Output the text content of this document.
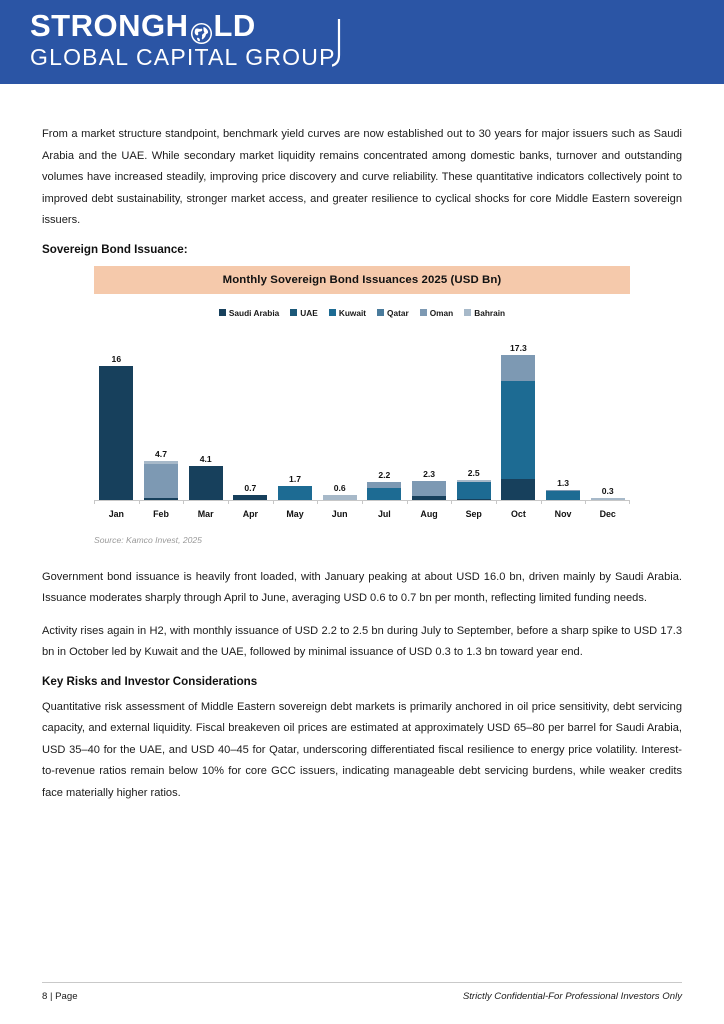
STRONGH LD
GLOBAL CAPITAL GROUP

From a market structure standpoint, benchmark yield curves are now established out to 30 years for major issuers such as Saudi Arabia and the UAE. While secondary market liquidity remains concentrated among domestic banks, turnover and outstanding volumes have increased steadily, improving price discovery and curve reliability. These quantitative indicators collectively point to improved debt sustainability, stronger market access, and greater resilience to cyclical shocks for core Middle Eastern sovereign issuers.

Sovereign Bond Issuance:
Monthly Sovereign Bond Issuances 2025 (USD Bn)
Saudi Arabia	UAE	Kuwait	Qatar	Oman	Bahrain
16
4.7
4.1
0.7
1.7
0.6
2.2	2.3	2.5
17.3
1.3
0.3
Jan	Feb	Mar	Apr	May	Jun	Jul	Aug	Sep	Oct	Nov	Dec
Source: Kamco Invest, 2025

Government bond issuance is heavily front loaded, with January peaking at about USD 16.0 bn, driven mainly by Saudi Arabia. Issuance moderates sharply through April to June, averaging USD 0.6 to 0.7 bn per month, reflecting limited funding needs.

Activity rises again in H2, with monthly issuance of USD 2.2 to 2.5 bn during July to September, before a sharp spike to USD 17.3 bn in October led by Kuwait and the UAE, followed by minimal issuance of USD 0.3 to 1.3 bn toward year end.

Key Risks and Investor Considerations

Quantitative risk assessment of Middle Eastern sovereign debt markets is primarily anchored in oil price sensitivity, debt servicing capacity, and external liquidity. Fiscal breakeven oil prices are estimated at approximately USD 65–80 per barrel for Saudi Arabia, USD 35–40 for the UAE, and USD 40–45 for Qatar, underscoring differentiated fiscal resilience to energy price volatility. Interest-to-revenue ratios remain below 10% for core GCC issuers, indicating manageable debt servicing burdens, while weaker credits face materially higher ratios.

8 | Page	Strictly Confidential-For Professional Investors Only
